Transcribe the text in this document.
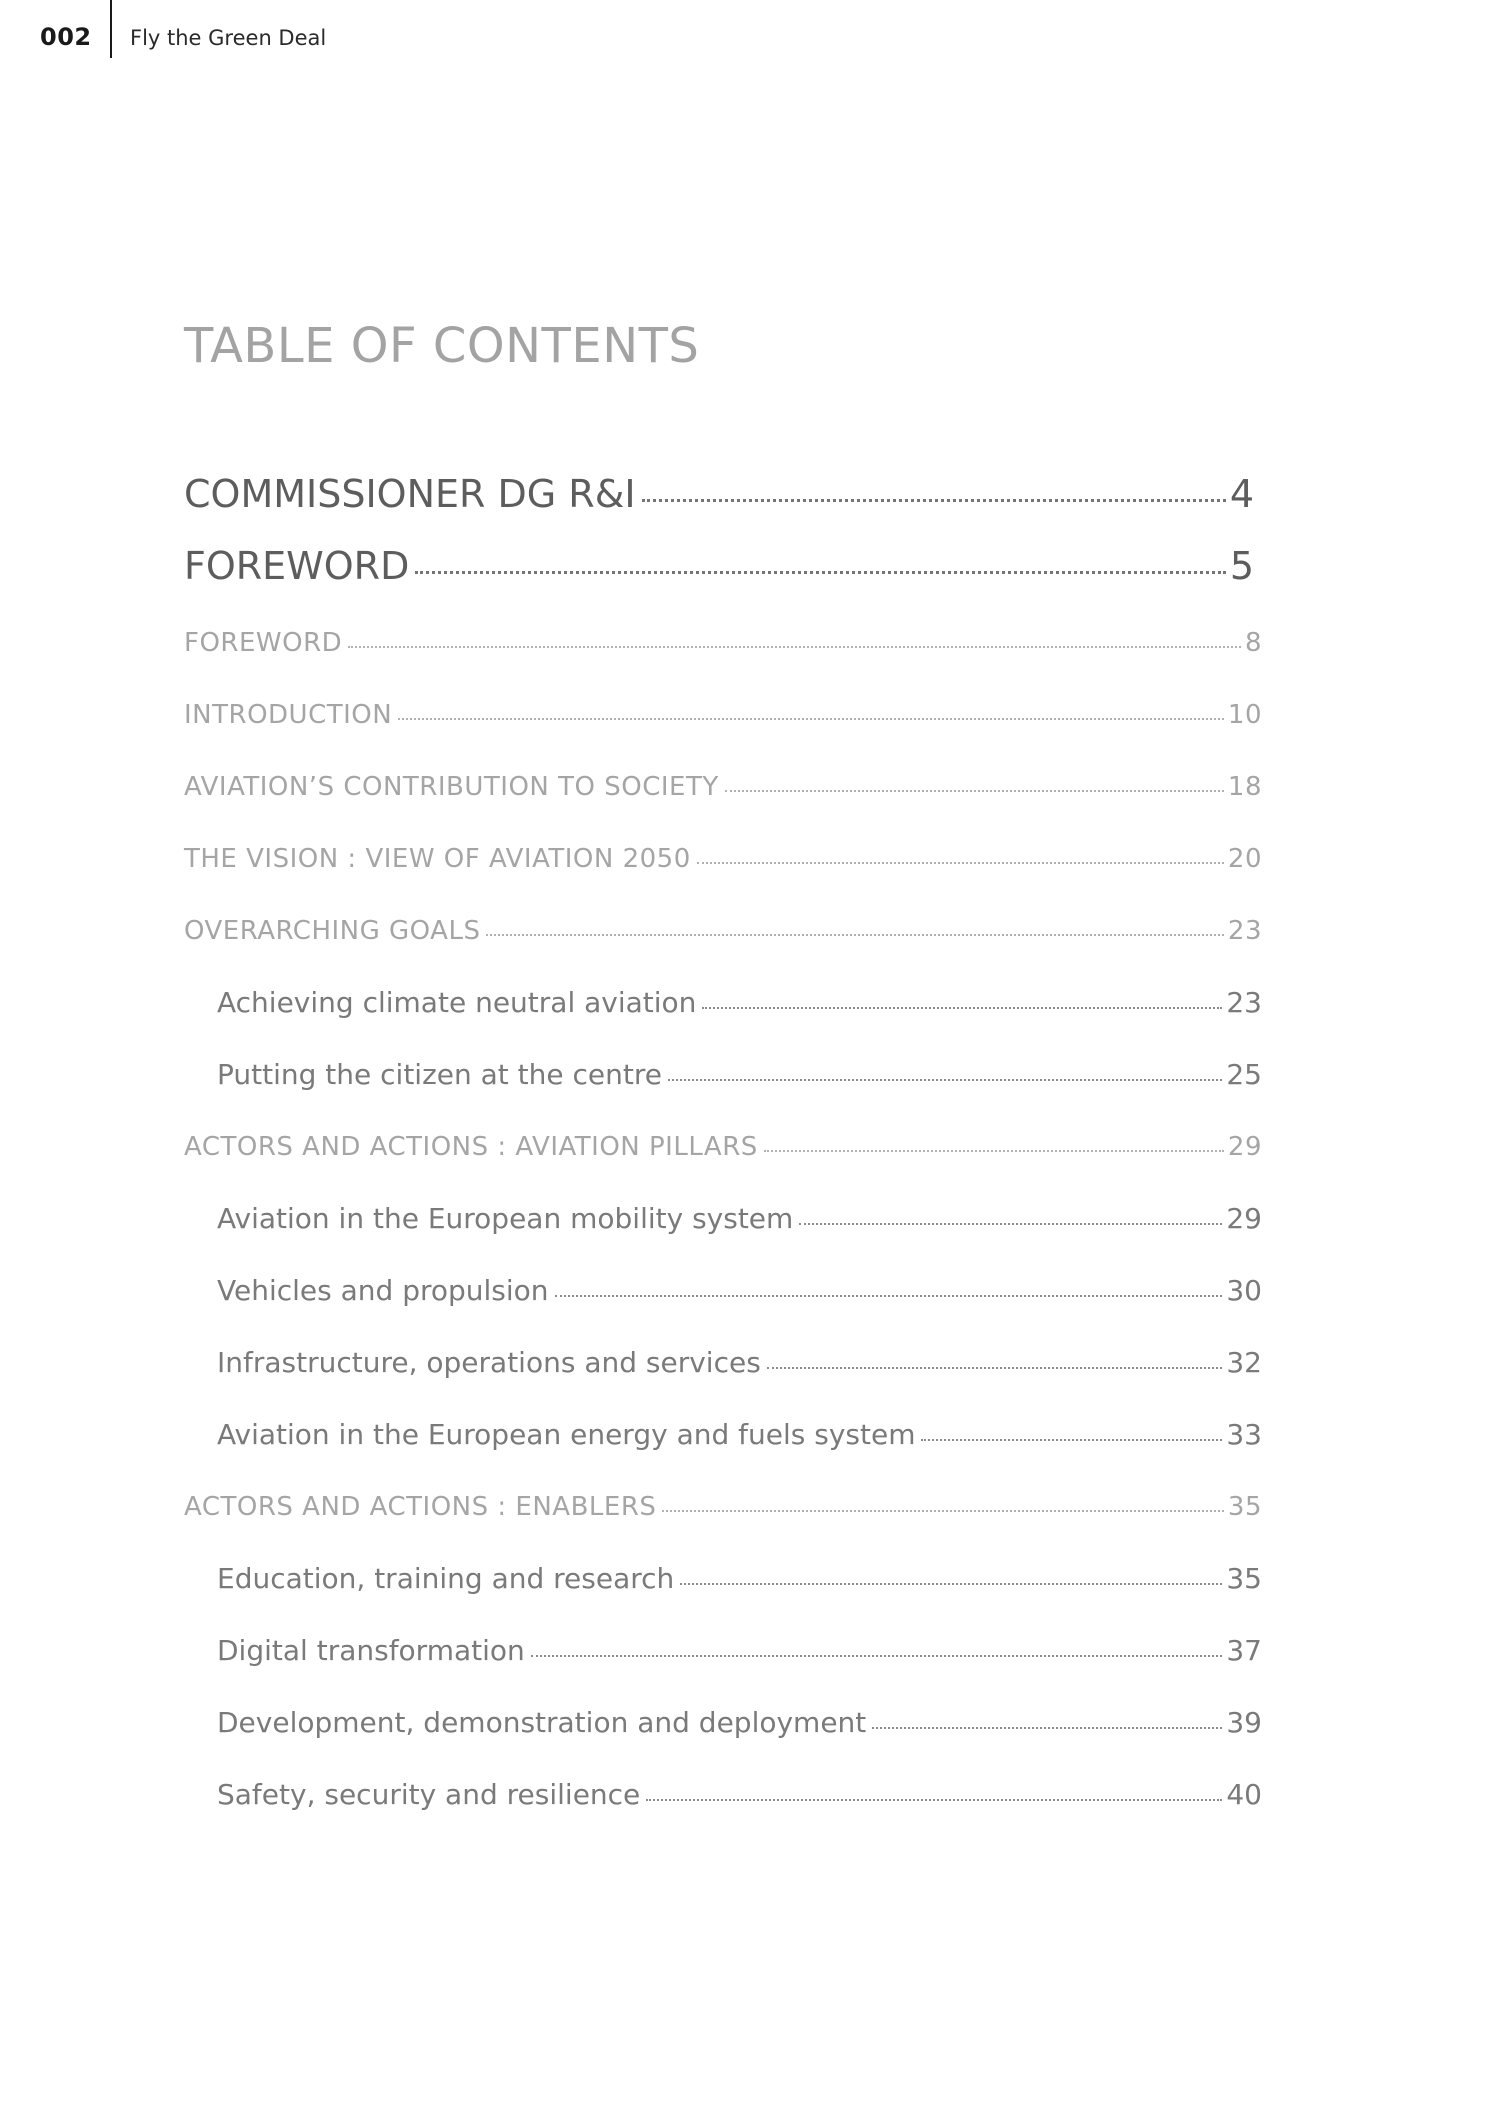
002 Fly the Green Deal
TABLE OF CONTENTS
COMMISSIONER DG R&I	4
FOREWORD	5
FOREWORD	8
INTRODUCTION	10
AVIATION’S CONTRIBUTION TO SOCIETY	18
THE VISION : VIEW OF AVIATION 2050	20
OVERARCHING GOALS	23
Achieving climate neutral aviation	23
Putting the citizen at the centre	25
ACTORS AND ACTIONS : AVIATION PILLARS	29
Aviation in the European mobility system	29
Vehicles and propulsion	30
Infrastructure, operations and services	32
Aviation in the European energy and fuels system	33
ACTORS AND ACTIONS : ENABLERS	35
Education, training and research	35
Digital transformation	37
Development, demonstration and deployment	39
Safety, security and resilience	40
